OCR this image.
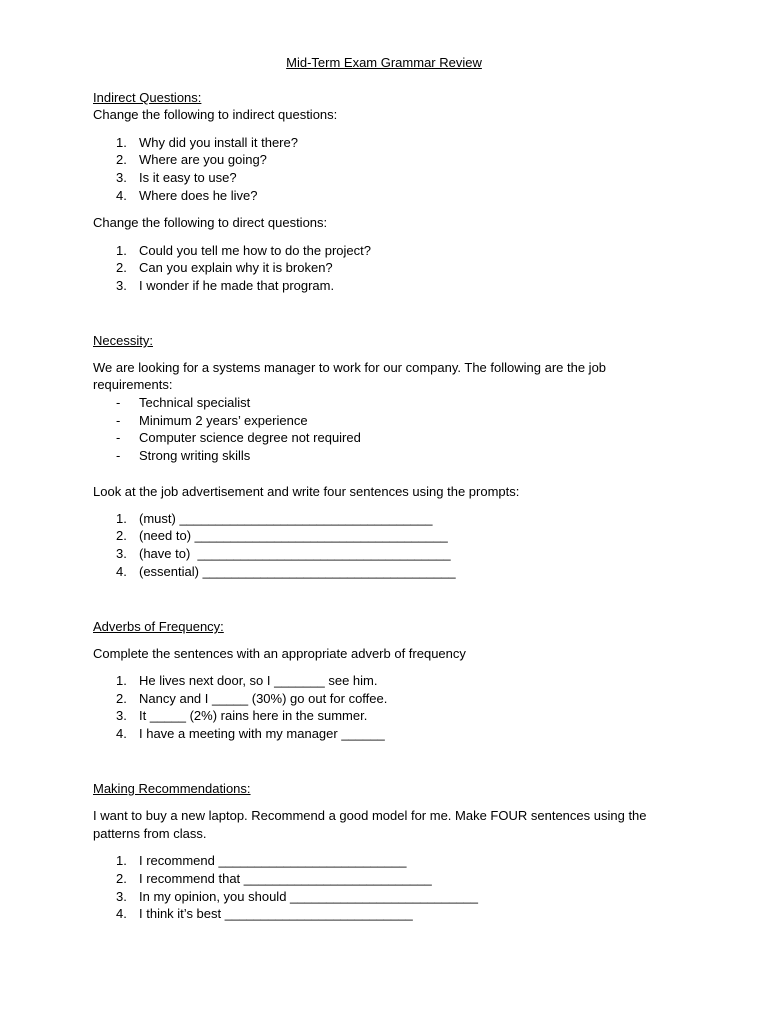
Mid-Term Exam Grammar Review
Indirect Questions:
Change the following to indirect questions:
1. Why did you install it there?
2. Where are you going?
3. Is it easy to use?
4. Where does he live?
Change the following to direct questions:
1. Could you tell me how to do the project?
2. Can you explain why it is broken?
3. I wonder if he made that program.
Necessity:
We are looking for a systems manager to work for our company. The following are the job
requirements:
- Technical specialist
- Minimum 2 years’ experience
- Computer science degree not required
- Strong writing skills
Look at the job advertisement and write four sentences using the prompts:
1. (must) ___________________________________
2. (need to) ___________________________________
3. (have to)  ___________________________________
4. (essential) ___________________________________
Adverbs of Frequency:
Complete the sentences with an appropriate adverb of frequency
1. He lives next door, so I _______ see him.
2. Nancy and I _____ (30%) go out for coffee.
3. It _____ (2%) rains here in the summer.
4. I have a meeting with my manager ______
Making Recommendations:
I want to buy a new laptop. Recommend a good model for me. Make FOUR sentences using the
patterns from class.
1. I recommend __________________________
2. I recommend that __________________________
3. In my opinion, you should __________________________
4. I think it’s best __________________________
